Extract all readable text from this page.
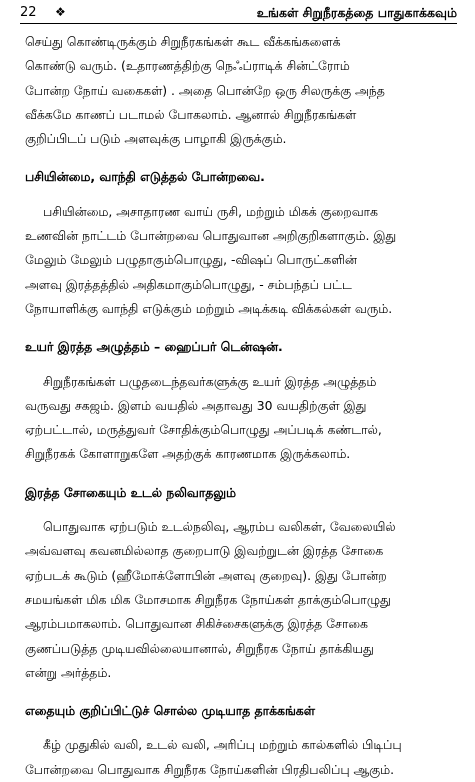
22 ❖	உங்கள் சிறுநீரகத்தை பாதுகாக்கவும்
செய்து கொண்டிருக்கும் சிறுநீரகங்கள் கூட வீக்கங்களைக்
கொண்டு வரும். (உதாரணத்திற்கு நெஃப்ராடிக் சின்ட்ரோம்
போன்ற நோய் வகைகள்) . அதை பொன்றே ஒரு சிலருக்கு அந்த
வீக்கமே காணப் படாமல் போகலாம். ஆனால் சிறுநீரகங்கள்
குறிப்பிடப் படும் அளவுக்கு பாழாகி இருக்கும்.
பசியின்மை, வாந்தி எடுத்தல் போன்றவை.
பசியின்மை, அசாதாரண வாய் ருசி, மற்றும் மிகக் குறைவாக
உணவின் நாட்டம் போன்றவை பொதுவான அறிகுறிகளாகும். இது
மேலும் மேலும் பழுதாகும்பொழுது, -விஷப் பொருட்களின்
அளவு இரத்தத்தில் அதிகமாகும்பொழுது, - சம்பந்தப் பட்ட
நோயாளிக்கு வாந்தி எடுக்கும் மற்றும் அடிக்கடி விக்கல்கள் வரும்.
உயர் இரத்த அழுத்தம் – ஹைப்பர் டென்ஷன்.
சிறுநீரகங்கள் பழுதடைந்தவர்களுக்கு உயர் இரத்த அழுத்தம்
வருவது சகஜம். இளம் வயதில் அதாவது 30 வயதிற்குள் இது
ஏற்பட்டால், மருத்துவர் சோதிக்கும்பொழுது அப்படிக் கண்டால்,
சிறுநீரகக் கோளாறுகளே அதற்குக் காரணமாக இருக்கலாம்.
இரத்த சோகையும் உடல் நலிவாதலும்
பொதுவாக ஏற்படும் உடல்நலிவு, ஆரம்ப வலிகள், வேலையில்
அவ்வளவு கவனமில்லாத குறைபாடு இவற்றுடன் இரத்த சோகை
ஏற்படக் கூடும் (ஹீமோக்ளோபின் அளவு குறைவு). இது போன்ற
சமயங்கள் மிக மிக மோசமாக சிறுநீரக நோய்கள் தாக்கும்பொழுது
ஆரம்பமாகலாம். பொதுவான சிகிச்சைகளுக்கு இரத்த சோகை
குணப்படுத்த முடியவில்லையானால், சிறுநீரக நோய் தாக்கியது
என்று அர்த்தம்.
எதையும் குறிப்பிட்டுச் சொல்ல முடியாத தாக்கங்கள்
கீழ் முதுகில் வலி, உடல் வலி, அரிப்பு மற்றும் கால்களில் பிடிப்பு
போன்றவை பொதுவாக சிறுநீரக நோய்களின் பிரதிபலிப்பு ஆகும்.
